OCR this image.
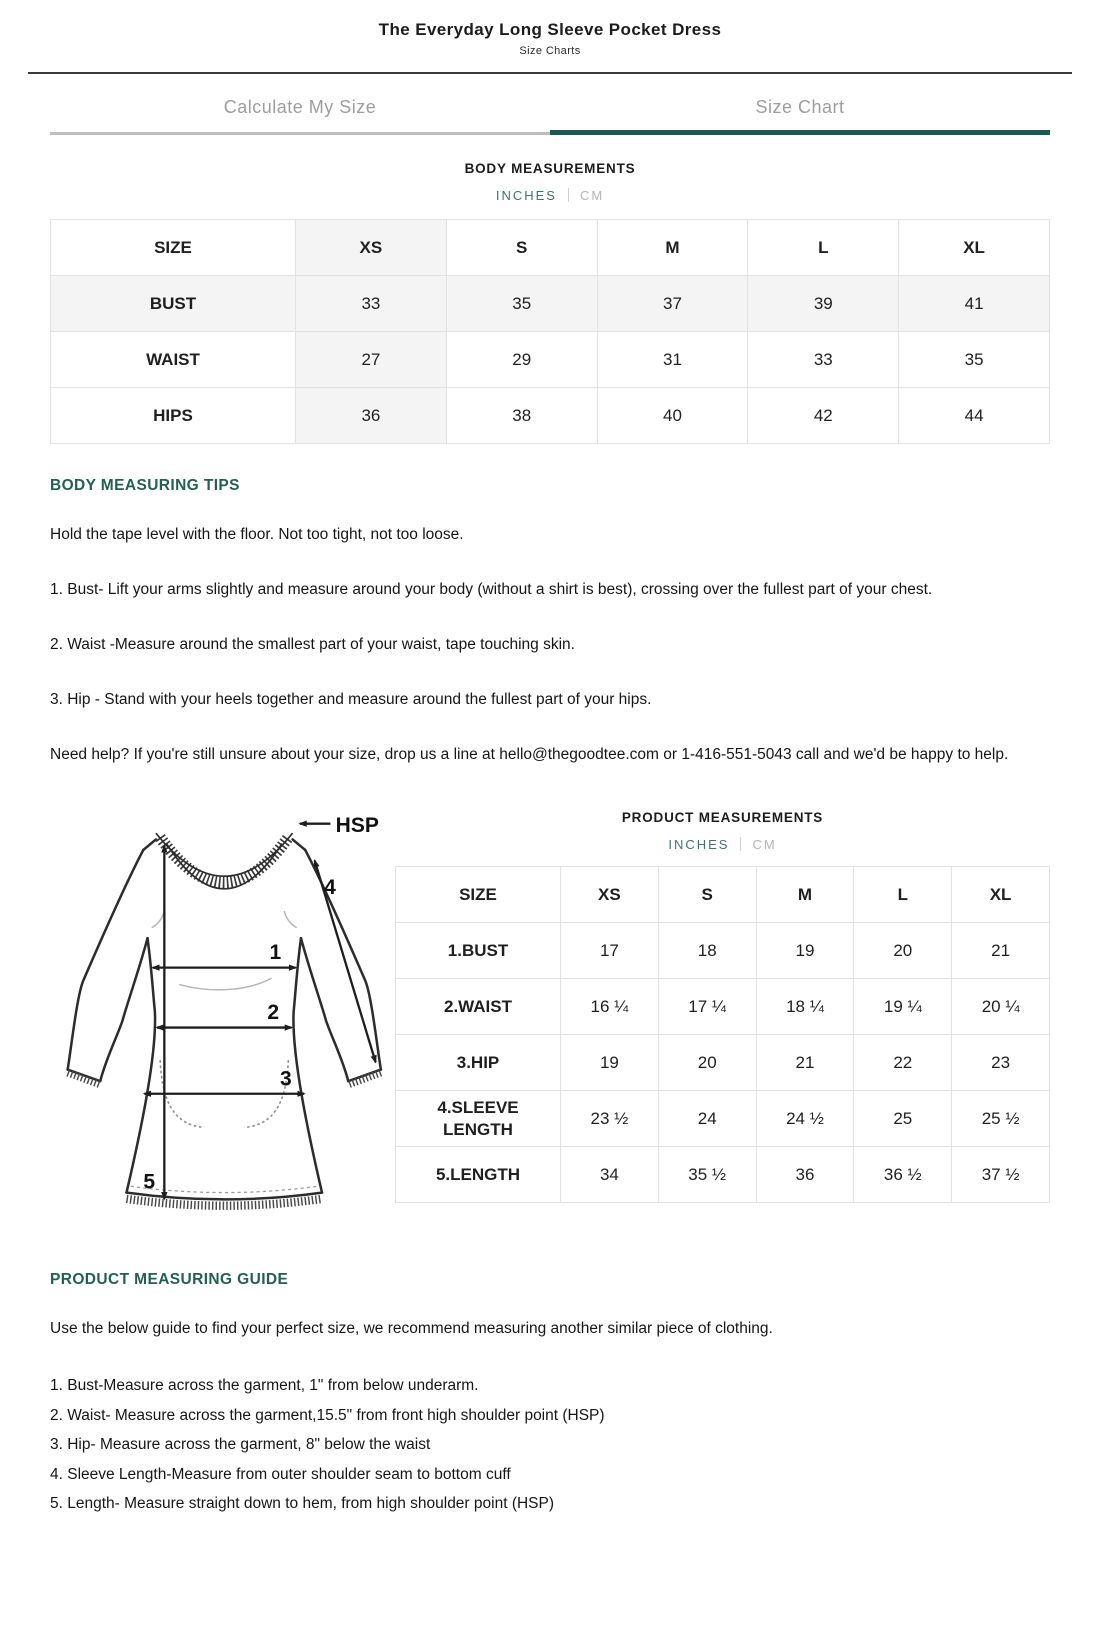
The Everyday Long Sleeve Pocket Dress
Size Charts
Calculate My Size	Size Chart
BODY MEASUREMENTS
INCHES CM
SIZE	XS	S	M	L	XL
BUST	33	35	37	39	41
WAIST	27	29	31	33	35
HIPS	36	38	40	42	44
BODY MEASURING TIPS

Hold the tape level with the floor. Not too tight, not too loose.

1. Bust- Lift your arms slightly and measure around your body (without a shirt is best), crossing over the fullest part of your chest.

2. Waist -Measure around the smallest part of your waist, tape touching skin.

3. Hip - Stand with your heels together and measure around the fullest part of your hips.

Need help? If you're still unsure about your size, drop us a line at hello@thegoodtee.com or 1-416-551-5043 call and we'd be happy to help.

1
2
3
4
5
HSP	PRODUCT MEASUREMENTS
INCHES CM
SIZE	XS	S	M	L	XL
1.BUST	17	18	19	20	21
2.WAIST	16 ¼	17 ¼	18 ¼	19 ¼	20 ¼
3.HIP	19	20	21	22	23
4.SLEEVE LENGTH	23 ½	24	24 ½	25	25 ½
5.LENGTH	34	35 ½	36	36 ½	37 ½
PRODUCT MEASURING GUIDE

Use the below guide to find your perfect size, we recommend measuring another similar piece of clothing.

1. Bust-Measure across the garment, 1" from below underarm.
2. Waist- Measure across the garment,15.5" from front high shoulder point (HSP)
3. Hip- Measure across the garment, 8" below the waist
4. Sleeve Length-Measure from outer shoulder seam to bottom cuff
5. Length- Measure straight down to hem, from high shoulder point (HSP)
